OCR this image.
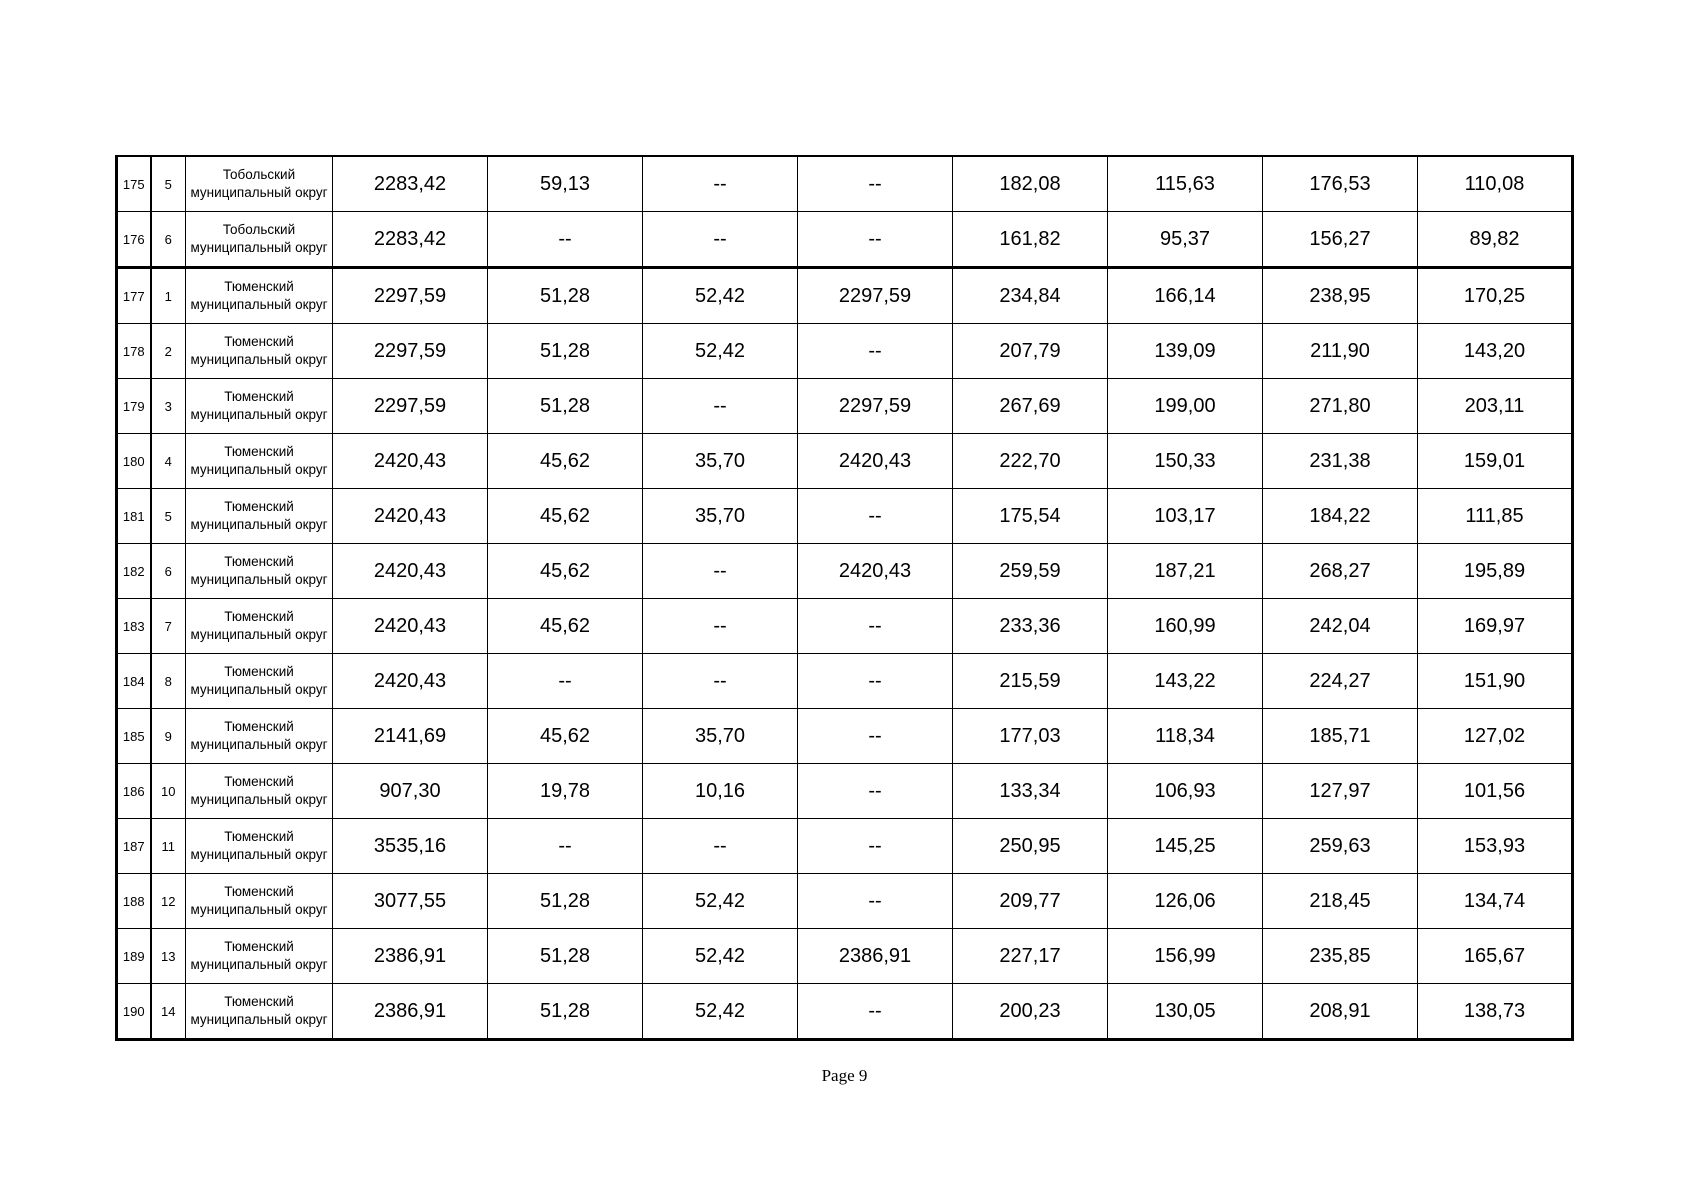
175	5	Тобольский муниципальный округ	2283,42	59,13	--	--	182,08	115,63	176,53	110,08
176	6	Тобольский муниципальный округ	2283,42	--	--	--	161,82	95,37	156,27	89,82
177	1	Тюменский муниципальный округ	2297,59	51,28	52,42	2297,59	234,84	166,14	238,95	170,25
178	2	Тюменский муниципальный округ	2297,59	51,28	52,42	--	207,79	139,09	211,90	143,20
179	3	Тюменский муниципальный округ	2297,59	51,28	--	2297,59	267,69	199,00	271,80	203,11
180	4	Тюменский муниципальный округ	2420,43	45,62	35,70	2420,43	222,70	150,33	231,38	159,01
181	5	Тюменский муниципальный округ	2420,43	45,62	35,70	--	175,54	103,17	184,22	111,85
182	6	Тюменский муниципальный округ	2420,43	45,62	--	2420,43	259,59	187,21	268,27	195,89
183	7	Тюменский муниципальный округ	2420,43	45,62	--	--	233,36	160,99	242,04	169,97
184	8	Тюменский муниципальный округ	2420,43	--	--	--	215,59	143,22	224,27	151,90
185	9	Тюменский муниципальный округ	2141,69	45,62	35,70	--	177,03	118,34	185,71	127,02
186	10	Тюменский муниципальный округ	907,30	19,78	10,16	--	133,34	106,93	127,97	101,56
187	11	Тюменский муниципальный округ	3535,16	--	--	--	250,95	145,25	259,63	153,93
188	12	Тюменский муниципальный округ	3077,55	51,28	52,42	--	209,77	126,06	218,45	134,74
189	13	Тюменский муниципальный округ	2386,91	51,28	52,42	2386,91	227,17	156,99	235,85	165,67
190	14	Тюменский муниципальный округ	2386,91	51,28	52,42	--	200,23	130,05	208,91	138,73
Page 9
